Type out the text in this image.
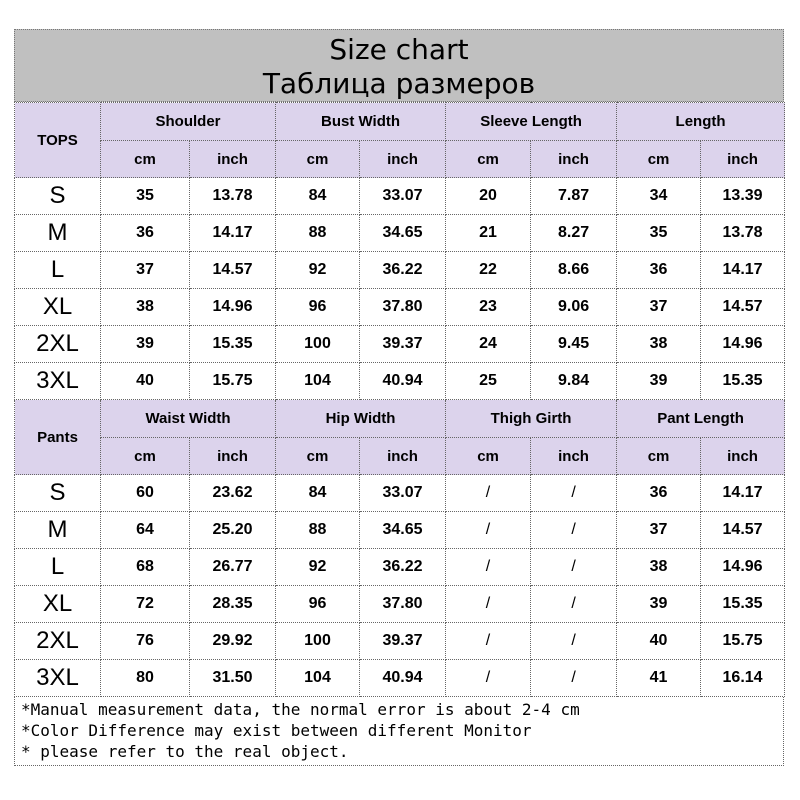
Size chart
Таблица размеров
TOPS	Shoulder		Bust Width		Sleeve Length		Length	
	cm	inch	cm	inch	cm	inch	cm	inch
S	35	13.78	84	33.07	20	7.87	34	13.39
M	36	14.17	88	34.65	21	8.27	35	13.78
L	37	14.57	92	36.22	22	8.66	36	14.17
XL	38	14.96	96	37.80	23	9.06	37	14.57
2XL	39	15.35	100	39.37	24	9.45	38	14.96
3XL	40	15.75	104	40.94	25	9.84	39	15.35
Pants	Waist Width		Hip Width		Thigh Girth		Pant Length	
	cm	inch	cm	inch	cm	inch	cm	inch
S	60	23.62	84	33.07	/	/	36	14.17
M	64	25.20	88	34.65	/	/	37	14.57
L	68	26.77	92	36.22	/	/	38	14.96
XL	72	28.35	96	37.80	/	/	39	15.35
2XL	76	29.92	100	39.37	/	/	40	15.75
3XL	80	31.50	104	40.94	/	/	41	16.14
*Manual measurement data, the normal error is about 2-4 cm
*Color Difference may exist between different Monitor
* please refer to the real object.
